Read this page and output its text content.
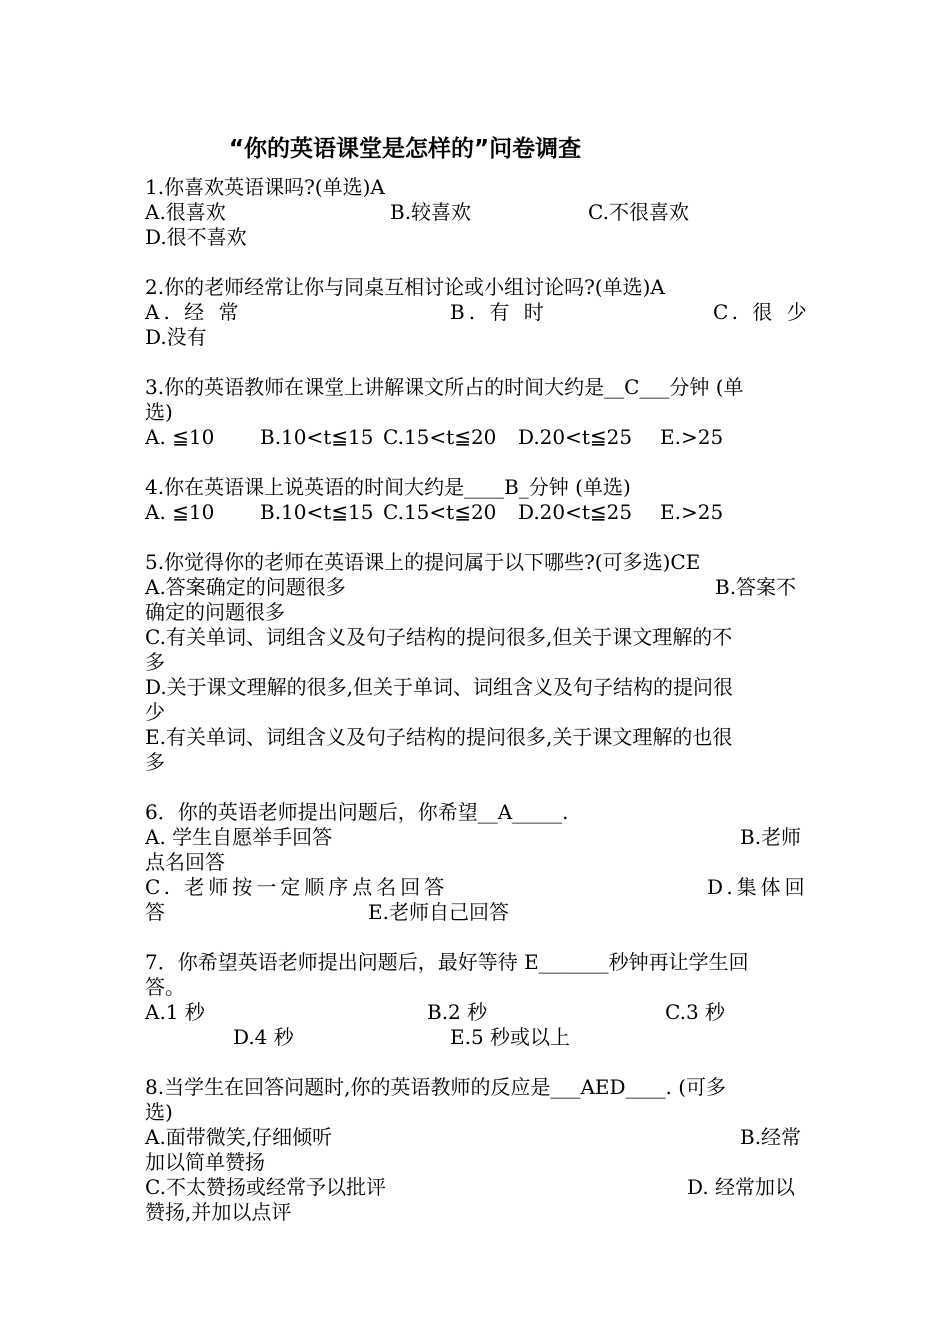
“你的英语课堂是怎样的”问卷调查
1.你喜欢英语课吗?(单选)A
A.很喜欢	B.较喜欢	C.不很喜欢
D.很不喜欢
2.你的老师经常让你与同桌互相讨论或小组讨论吗?(单选)A
A. 经 常	B. 有 时	C. 很 少
D.没有
3.你的英语教师在课堂上讲解课文所占的时间大约是__C___分钟 (单
选)
A. ≦10 B.10<t≦15 C.15<t≦20 D.20<t≦25 E.>25
4.你在英语课上说英语的时间大约是____B_分钟 (单选)
A. ≦10 B.10<t≦15 C.15<t≦20 D.20<t≦25 E.>25
5.你觉得你的老师在英语课上的提问属于以下哪些?(可多选)CE
A.答案确定的问题很多	B.答案不
确定的问题很多
C.有关单词、词组含义及句子结构的提问很多,但关于课文理解的不
多
D.关于课文理解的很多,但关于单词、词组含义及句子结构的提问很
少
E.有关单词、词组含义及句子结构的提问很多,关于课文理解的也很
多
6．你的英语老师提出问题后，你希望__A_____.
A. 学生自愿举手回答	B.老师
点名回答
C. 老师按一定顺序点名回答	D.集体回
答	E.老师自己回答
7．你希望英语老师提出问题后，最好等待 E_______秒钟再让学生回
答。
A.1 秒	B.2 秒	C.3 秒
D.4 秒	E.5 秒或以上
8.当学生在回答问题时,你的英语教师的反应是___AED____. (可多
选)
A.面带微笑,仔细倾听	B.经常
加以简单赞扬
C.不太赞扬或经常予以批评	D. 经常加以
赞扬,并加以点评
